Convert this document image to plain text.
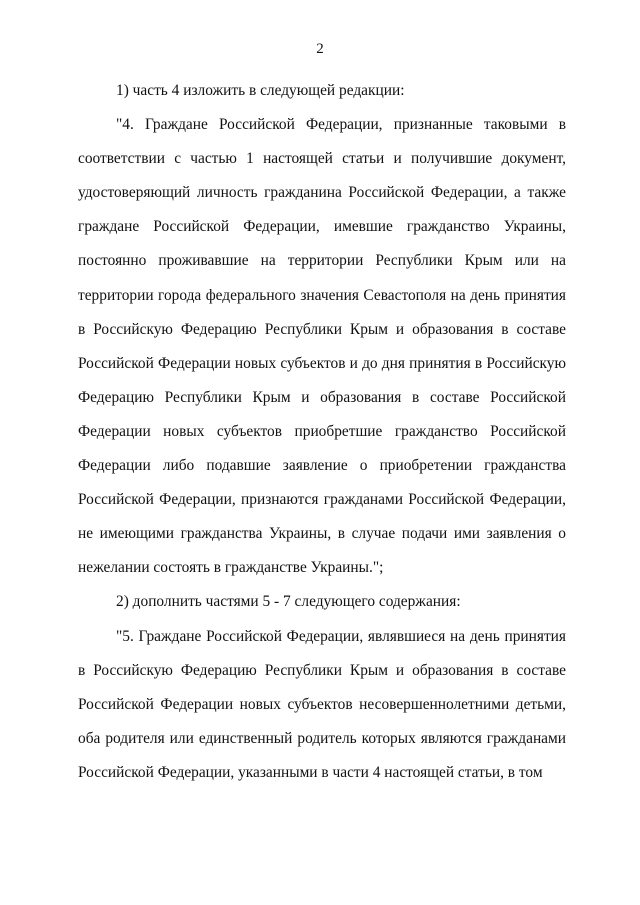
2

1) часть 4 изложить в следующей редакции:

"4. Граждане Российской Федерации, признанные таковыми в соответствии с частью 1 настоящей статьи и получившие документ, удостоверяющий личность гражданина Российской Федерации, а также граждане Российской Федерации, имевшие гражданство Украины, постоянно проживавшие на территории Республики Крым или на территории города федерального значения Севастополя на день принятия в Российскую Федерацию Республики Крым и образования в составе Российской Федерации новых субъектов и до дня принятия в Российскую Федерацию Республики Крым и образования в составе Российской Федерации новых субъектов приобретшие гражданство Российской Федерации либо подавшие заявление о приобретении гражданства Российской Федерации, признаются гражданами Российской Федерации, не имеющими гражданства Украины, в случае подачи ими заявления о нежелании состоять в гражданстве Украины.";

2) дополнить частями 5 - 7 следующего содержания:

"5. Граждане Российской Федерации, являвшиеся на день принятия в Российскую Федерацию Республики Крым и образования в составе Российской Федерации новых субъектов несовершеннолетними детьми, оба родителя или единственный родитель которых являются гражданами Российской Федерации, указанными в части 4 настоящей статьи, в том
